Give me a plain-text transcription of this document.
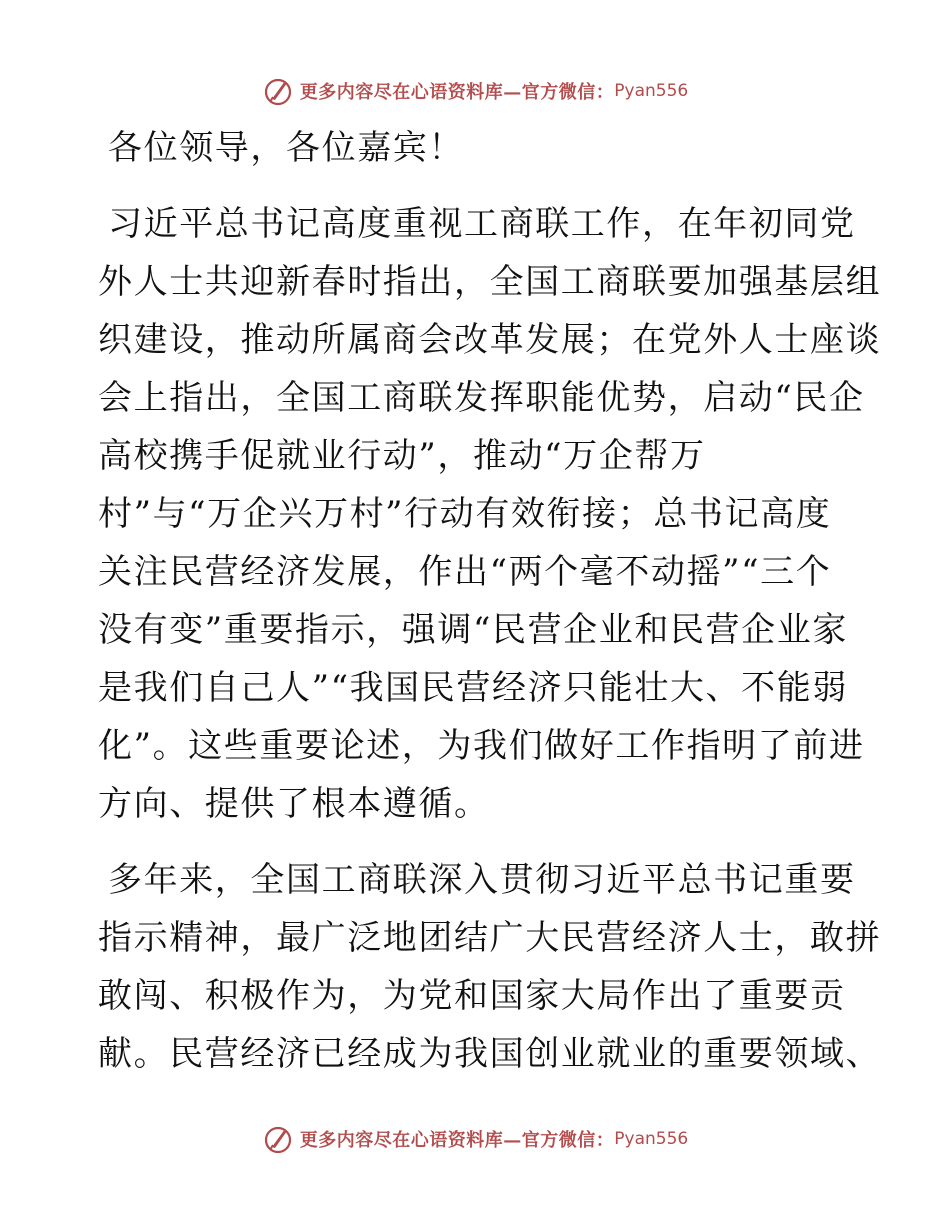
更多内容尽在心语资料库—官方微信： Pyan556
各位领导，各位嘉宾！
习近平总书记高度重视工商联工作，在年初同党
外人士共迎新春时指出，全国工商联要加强基层组
织建设，推动所属商会改革发展；在党外人士座谈
会上指出，全国工商联发挥职能优势，启动“民企
高校携手促就业行动”，推动“万企帮万
村”与“万企兴万村”行动有效衔接；总书记高度
关注民营经济发展，作出“两个毫不动摇”“三个
没有变”重要指示，强调“民营企业和民营企业家
是我们自己人”“我国民营经济只能壮大、不能弱
化”。这些重要论述，为我们做好工作指明了前进
方向、提供了根本遵循。
多年来，全国工商联深入贯彻习近平总书记重要
指示精神，最广泛地团结广大民营经济人士，敢拼
敢闯、积极作为，为党和国家大局作出了重要贡
献。民营经济已经成为我国创业就业的重要领域、
更多内容尽在心语资料库—官方微信： Pyan556
